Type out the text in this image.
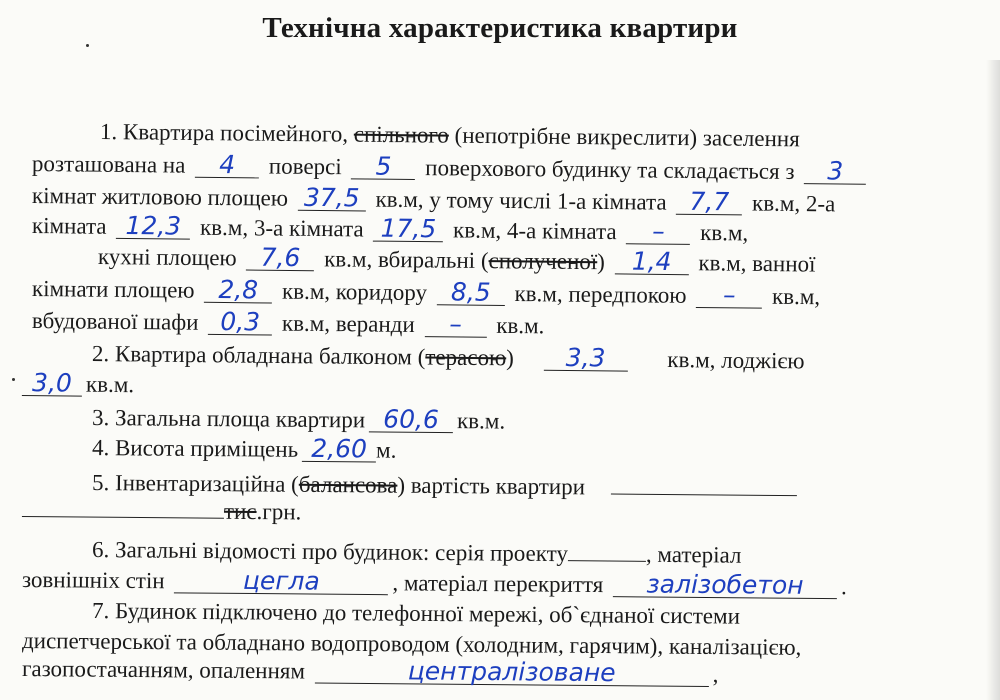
Технічна характеристика квартири
1. Квартира посімейного, спільного (непотрібне викреслити) заселення
розташована на 4 поверсі 5 поверхового будинку та складається з 3
кімнат житловою площею 37,5 кв.м, у тому числі 1-а кімната 7,7 кв.м, 2-а
кімната 12,3 кв.м, 3-а кімната 17,5 кв.м, 4-а кімната – кв.м,
кухні площею 7,6 кв.м, вбиральні (сполученої) 1,4 кв.м, ванної
кімнати площею 2,8 кв.м, коридору 8,5 кв.м, передпокою – кв.м,
вбудованої шафи 0,3 кв.м, веранди – кв.м.
2. Квартира обладнана балконом (терасою) 3,3	кв.м, лоджією
3,0 кв.м.
3. Загальна площа квартири 60,6 кв.м.
4. Висота приміщень 2,60 м.
5. Інвентаризаційна (балансова) вартість квартири
тис.грн.
6. Загальні відомості про будинок: серія проекту	, матеріал
зовнішніх стін	цегла	, матеріал перекриття залізобетон .
7. Будинок підключено до телефонної мережі, об`єднаної системи
диспетчерської та обладнано водопроводом (холодним, гарячим), каналізацією,
газопостачанням, опаленням	централізоване	,
